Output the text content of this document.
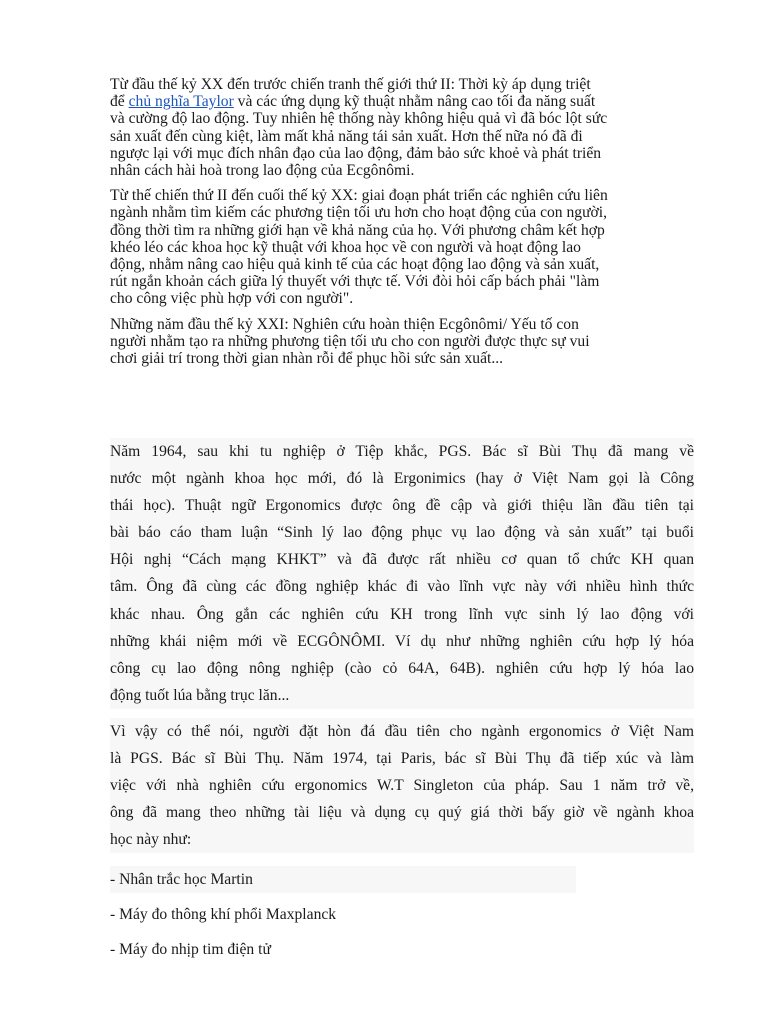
Từ đầu thế kỷ XX đến trước chiến tranh thế giới thứ II: Thời kỳ áp dụng triệt
để chủ nghĩa Taylor và các ứng dụng kỹ thuật nhằm nâng cao tối đa năng suất
và cường độ lao động. Tuy nhiên hệ thống này không hiệu quả vì đã bóc lột sức
sản xuất đến cùng kiệt, làm mất khả năng tái sản xuất. Hơn thế nữa nó đã đi
ngược lại với mục đích nhân đạo của lao động, đảm bảo sức khoẻ và phát triển
nhân cách hài hoà trong lao động của Ecgônômi.

Từ thế chiến thứ II đến cuối thế kỷ XX: giai đoạn phát triển các nghiên cứu liên
ngành nhằm tìm kiếm các phương tiện tối ưu hơn cho hoạt động của con người,
đồng thời tìm ra những giới hạn về khả năng của họ. Với phương châm kết hợp
khéo léo các khoa học kỹ thuật với khoa học về con người và hoạt động lao
động, nhằm nâng cao hiệu quả kinh tế của các hoạt động lao động và sản xuất,
rút ngắn khoản cách giữa lý thuyết với thực tế. Với đòi hỏi cấp bách phải "làm
cho công việc phù hợp với con người".

Những năm đầu thế kỷ XXI: Nghiên cứu hoàn thiện Ecgônômi/ Yếu tố con
người nhằm tạo ra những phương tiện tối ưu cho con người được thực sự vui
chơi giải trí trong thời gian nhàn rỗi để phục hồi sức sản xuất...

Năm 1964, sau khi tu nghiệp ở Tiệp khắc, PGS. Bác sĩ Bùi Thụ đã mang về
nước một ngành khoa học mới, đó là Ergonimics (hay ở Việt Nam gọi là Công
thái học). Thuật ngữ Ergonomics được ông đề cập và giới thiệu lần đầu tiên tại
bài báo cáo tham luận “Sinh lý lao động phục vụ lao động và sản xuất” tại buổi
Hội nghị “Cách mạng KHKT” và đã được rất nhiều cơ quan tổ chức KH quan
tâm. Ông đã cùng các đồng nghiệp khác đi vào lĩnh vực này với nhiều hình thức
khác nhau. Ông gắn các nghiên cứu KH trong lĩnh vực sinh lý lao động với
những khái niệm mới về ECGÔNÔMI. Ví dụ như những nghiên cứu hợp lý hóa
công cụ lao động nông nghiệp (cào cỏ 64A, 64B). nghiên cứu hợp lý hóa lao
động tuốt lúa bằng trục lăn...
Vì vậy có thể nói, người đặt hòn đá đầu tiên cho ngành ergonomics ở Việt Nam
là PGS. Bác sĩ Bùi Thụ. Năm 1974, tại Paris, bác sĩ Bùi Thụ đã tiếp xúc và làm
việc với nhà nghiên cứu ergonomics W.T Singleton của pháp. Sau 1 năm trở về,
ông đã mang theo những tài liệu và dụng cụ quý giá thời bấy giờ về ngành khoa
học này như:
- Nhân trắc học Martin
- Máy đo thông khí phổi Maxplanck
- Máy đo nhịp tim điện tử
